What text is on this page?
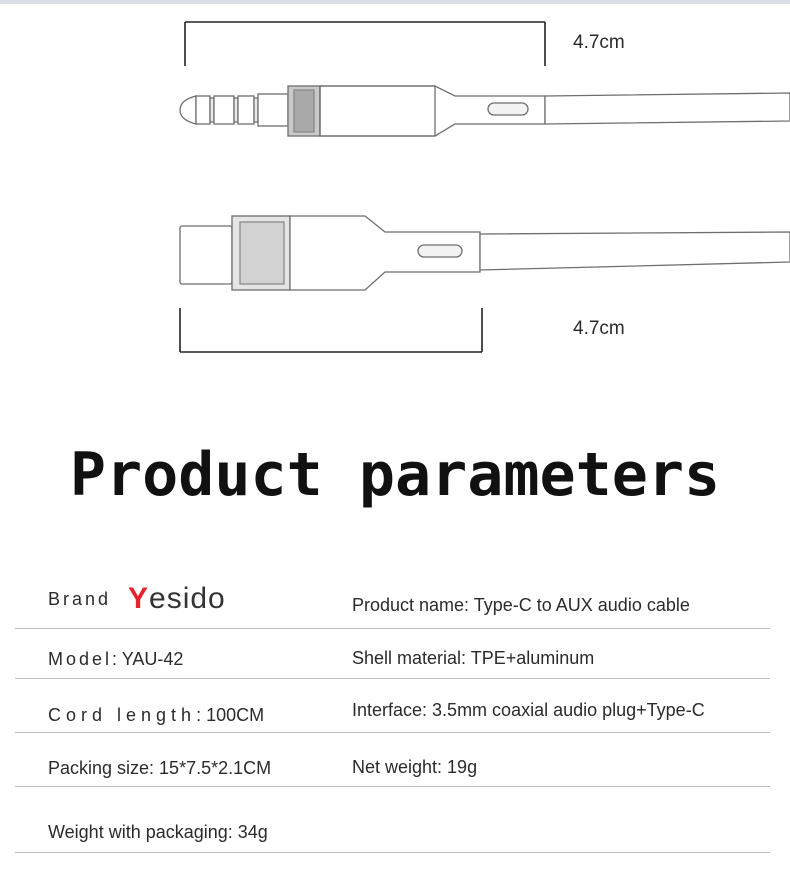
4.7cm
4.7cm
Product parameters
Brand Yesido	Product name: Type-C to AUX audio cable
Model: YAU-42	Shell material: TPE+aluminum
Cord length: 100CM	Interface: 3.5mm coaxial audio plug+Type-C
Packing size: 15*7.5*2.1CM	Net weight: 19g
Weight with packaging: 34g
